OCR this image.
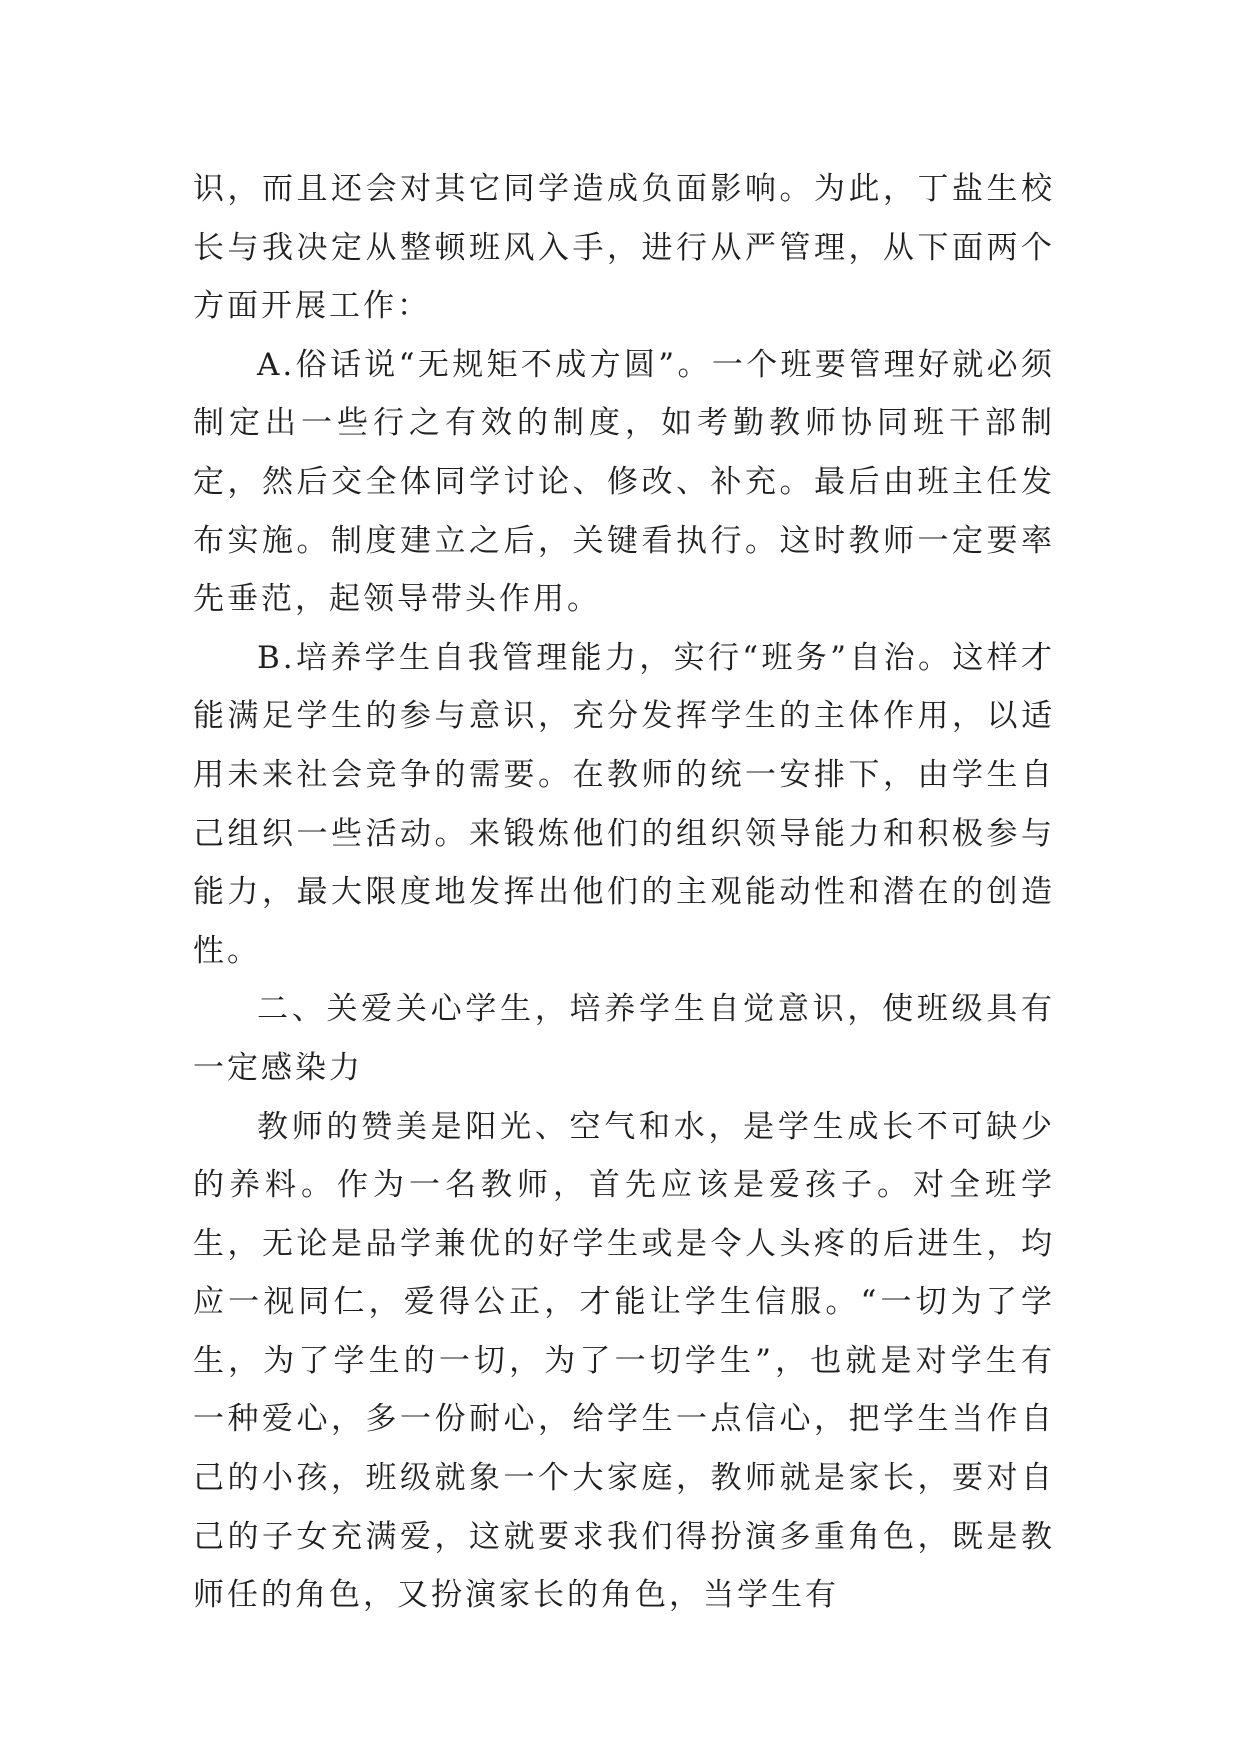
识，而且还会对其它同学造成负面影响。为此，丁盐生校长与我决定从整顿班风入手，进行从严管理，从下面两个方面开展工作：

A.俗话说“无规矩不成方圆”。一个班要管理好就必须制定出一些行之有效的制度，如考勤教师协同班干部制定，然后交全体同学讨论、修改、补充。最后由班主任发布实施。制度建立之后，关键看执行。这时教师一定要率先垂范，起领导带头作用。

B.培养学生自我管理能力，实行“班务”自治。这样才能满足学生的参与意识，充分发挥学生的主体作用，以适用未来社会竞争的需要。在教师的统一安排下，由学生自己组织一些活动。来锻炼他们的组织领导能力和积极参与能力，最大限度地发挥出他们的主观能动性和潜在的创造性。

二、关爱关心学生，培养学生自觉意识，使班级具有一定感染力

教师的赞美是阳光、空气和水，是学生成长不可缺少的养料。作为一名教师，首先应该是爱孩子。对全班学生，无论是品学兼优的好学生或是令人头疼的后进生，均应一视同仁，爱得公正，才能让学生信服。“一切为了学生，为了学生的一切，为了一切学生”，也就是对学生有一种爱心，多一份耐心，给学生一点信心，把学生当作自己的小孩，班级就象一个大家庭，教师就是家长，要对自己的子女充满爱，这就要求我们得扮演多重角色，既是教师任的角色，又扮演家长的角色，当学生有
